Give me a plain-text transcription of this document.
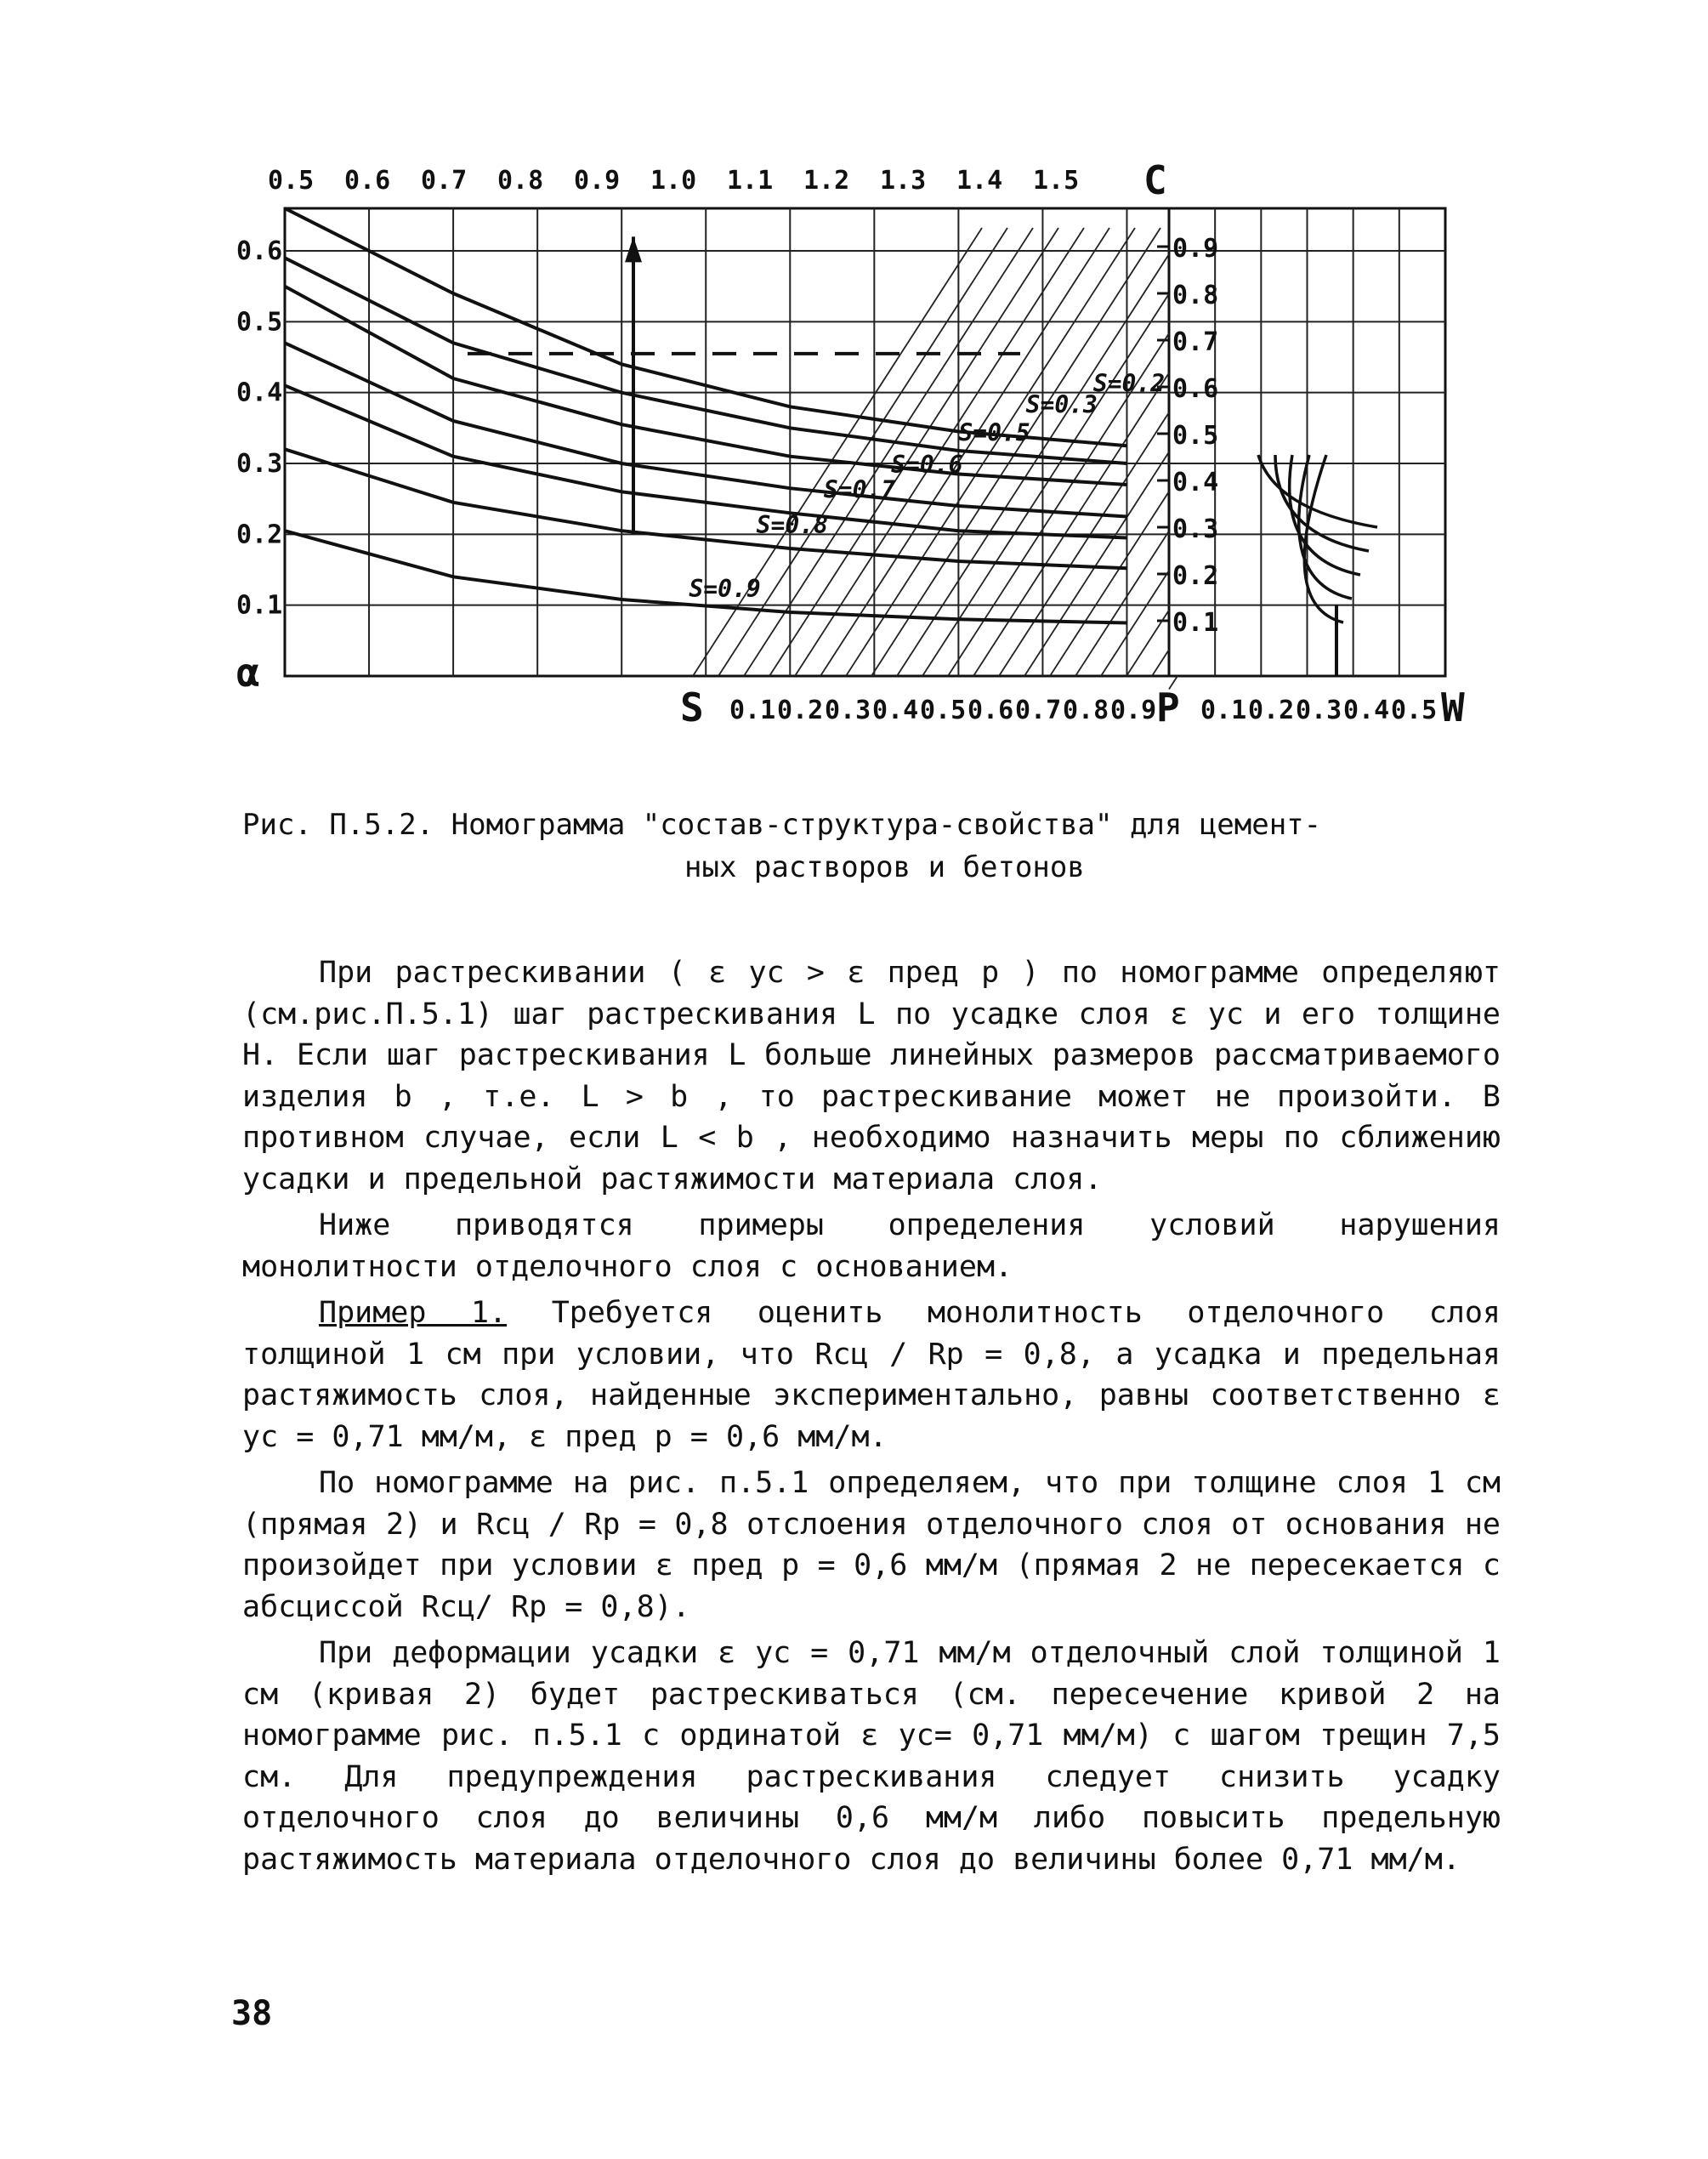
0.9
0.8
0.7
0.6
0.5
0.4
0.3
0.2
0.1
S=0.2
S=0.3
S=0.5
S=0.6
S=0.7
S=0.8
S=0.9
0.5 0.6 0.7 0.8 0.9 1.0 1.1 1.2 1.3 1.4 1.5 C
0.6
0.5
0.4
0.3
0.2
0.1
α
S 0.1 0.2 0.3 0.4 0.5 0.6 0.7 0.8 0.9 P 0.1 0.2 0.3 0.4 0.5 W
Рис. П.5.2. Номограмма "состав-структура-свойства" для цемент-
ных растворов и бетонов

При растрескивании ( ε ус > ε пред р ) по номограмме определяют (см.рис.П.5.1) шаг растрескивания L по усадке слоя ε ус и его толщине Н. Если шаг растрескивания L больше линейных размеров рассматриваемого изделия b , т.е. L > b , то растрескивание может не произойти. В противном случае, если L < b , необходимо назначить меры по сближению усадки и предельной растяжимости материала слоя.

Ниже приводятся примеры определения условий нарушения монолитности отделочного слоя с основанием.

Пример 1. Требуется оценить монолитность отделочного слоя толщиной 1 см при условии, что Rсц / Rр = 0,8, а усадка и предельная растяжимость слоя, найденные экспериментально, равны соответственно ε ус = 0,71 мм/м, ε пред р = 0,6 мм/м.

По номограмме на рис. п.5.1 определяем, что при толщине слоя 1 см (прямая 2) и Rсц / Rр = 0,8 отслоения отделочного слоя от основания не произойдет при условии ε пред р = 0,6 мм/м (прямая 2 не пересекается с абсциссой Rсц/ Rр = 0,8).

При деформации усадки ε ус = 0,71 мм/м отделочный слой толщиной 1 см (кривая 2) будет растрескиваться (см. пересечение кривой 2 на номограмме рис. п.5.1 с ординатой ε ус= 0,71 мм/м) с шагом трещин 7,5 см. Для предупреждения растрескивания следует снизить усадку отделочного слоя до величины 0,6 мм/м либо повысить предельную растяжимость материала отделочного слоя до величины более 0,71 мм/м.

38
